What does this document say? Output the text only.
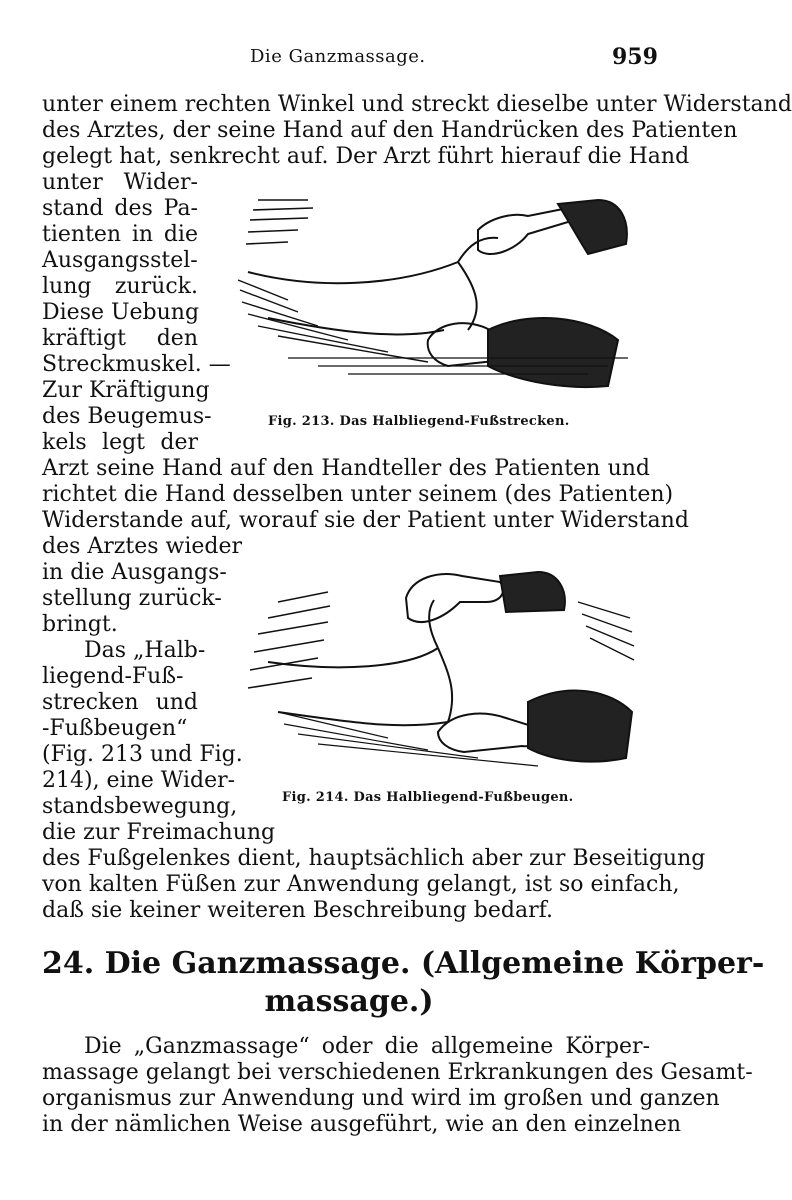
Die Ganzmassage.	959
unter einem rechten Winkel und streckt dieselbe unter Widerstand
des Arztes, der seine Hand auf den Handrücken des Patienten
gelegt hat, senkrecht auf. Der Arzt führt hierauf die Hand
unter Wider-
stand des Pa-
tienten in die
Ausgangsstel-
lung zurück.
Diese Uebung
kräftigt den
Streckmuskel. —
Zur Kräftigung
des Beugemus-
kels legt der
Arzt seine Hand auf den Handteller des Patienten und
richtet die Hand desselben unter seinem (des Patienten)
Widerstande auf, worauf sie der Patient unter Widerstand
des Arztes wieder
in die Ausgangs-
stellung zurück-
bringt.
Das „Halb-
liegend-Fuß-
strecken und
-Fußbeugen“
(Fig. 213 und Fig.
214), eine Wider-
standsbewegung,
die zur Freimachung
des Fußgelenkes dient, hauptsächlich aber zur Beseitigung
von kalten Füßen zur Anwendung gelangt, ist so einfach,
daß sie keiner weiteren Beschreibung bedarf.
Fig. 213. Das Halbliegend-Fußstrecken.
Fig. 214. Das Halbliegend-Fußbeugen.
24. Die Ganzmassage. (Allgemeine Körper-
massage.)
Die „Ganzmassage“ oder die allgemeine Körper-
massage gelangt bei verschiedenen Erkrankungen des Gesamt-
organismus zur Anwendung und wird im großen und ganzen
in der nämlichen Weise ausgeführt, wie an den einzelnen
